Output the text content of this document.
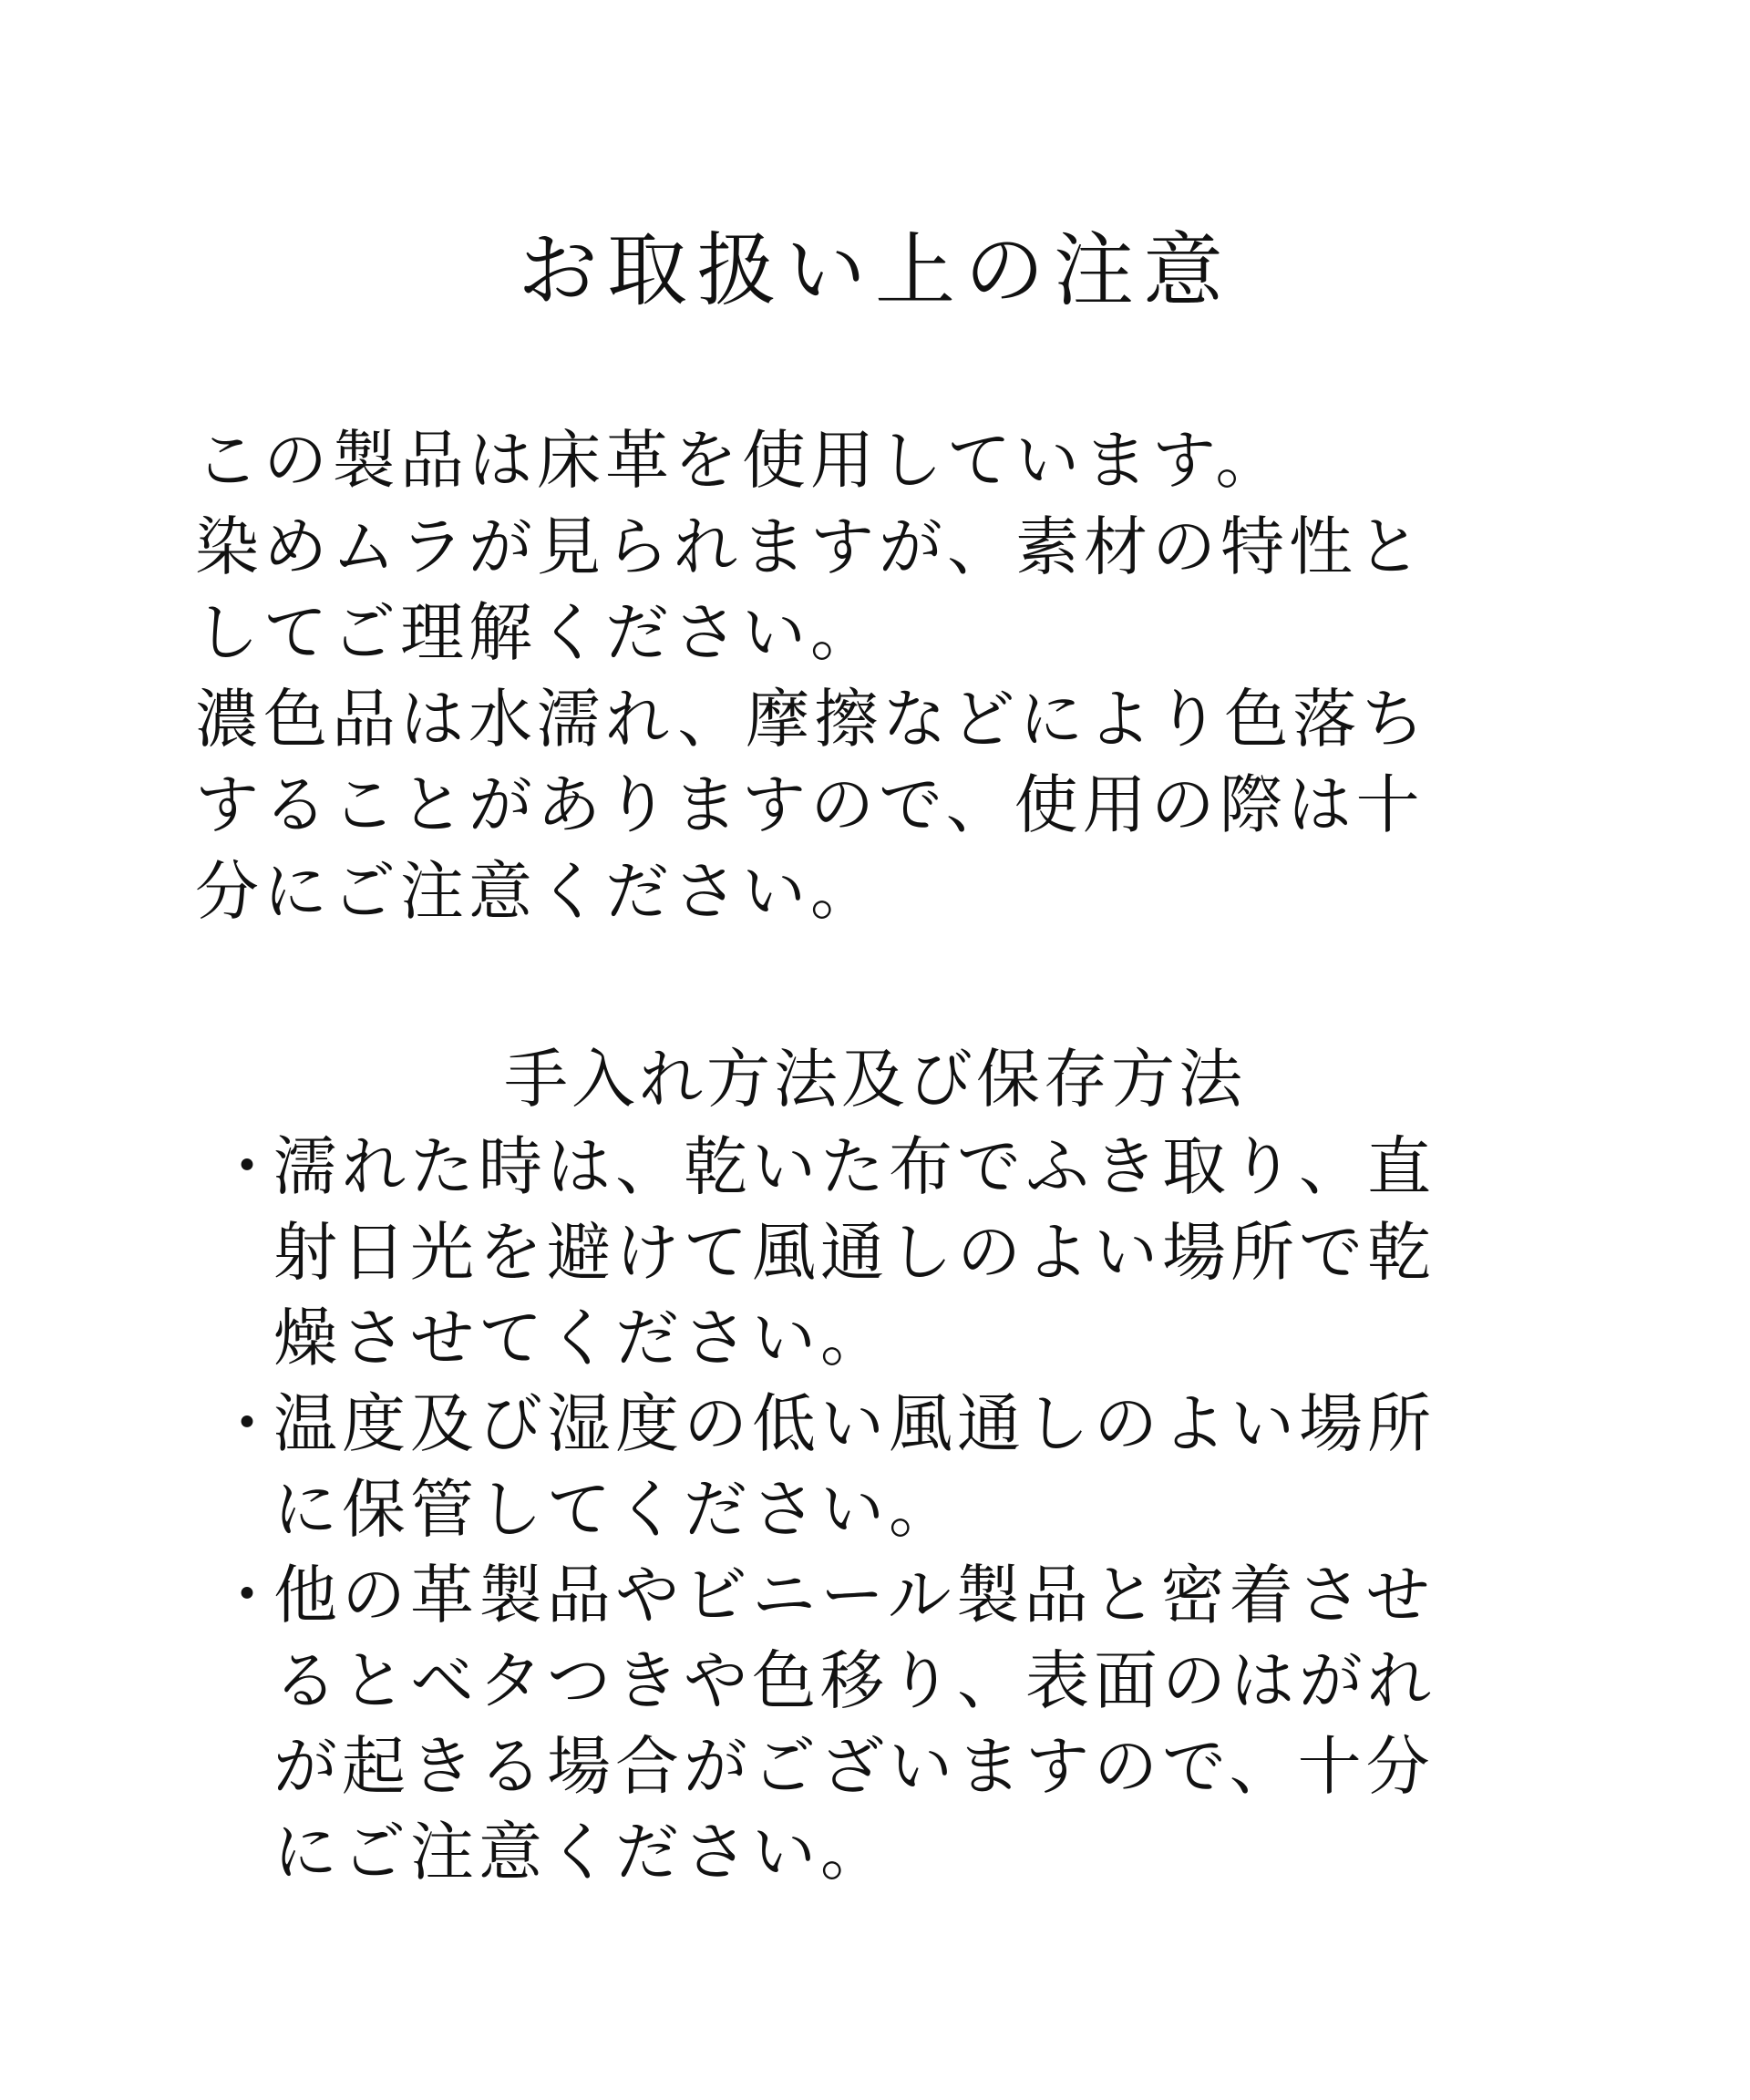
お取扱い上の注意
この製品は床革を使用しています。
染めムラが見られますが、素材の特性と
してご理解ください。
濃色品は水濡れ、摩擦などにより色落ち
することがありますので、使用の際は十
分にご注意ください。
手入れ方法及び保存方法
・
濡れた時は、乾いた布でふき取り、直
射日光を避けて風通しのよい場所で乾
燥させてください。
・
温度及び湿度の低い風通しのよい場所
に保管してください。
・
他の革製品やビニール製品と密着させ
るとベタつきや色移り、表面のはがれ
が起きる場合がございますので、十分
にご注意ください。
